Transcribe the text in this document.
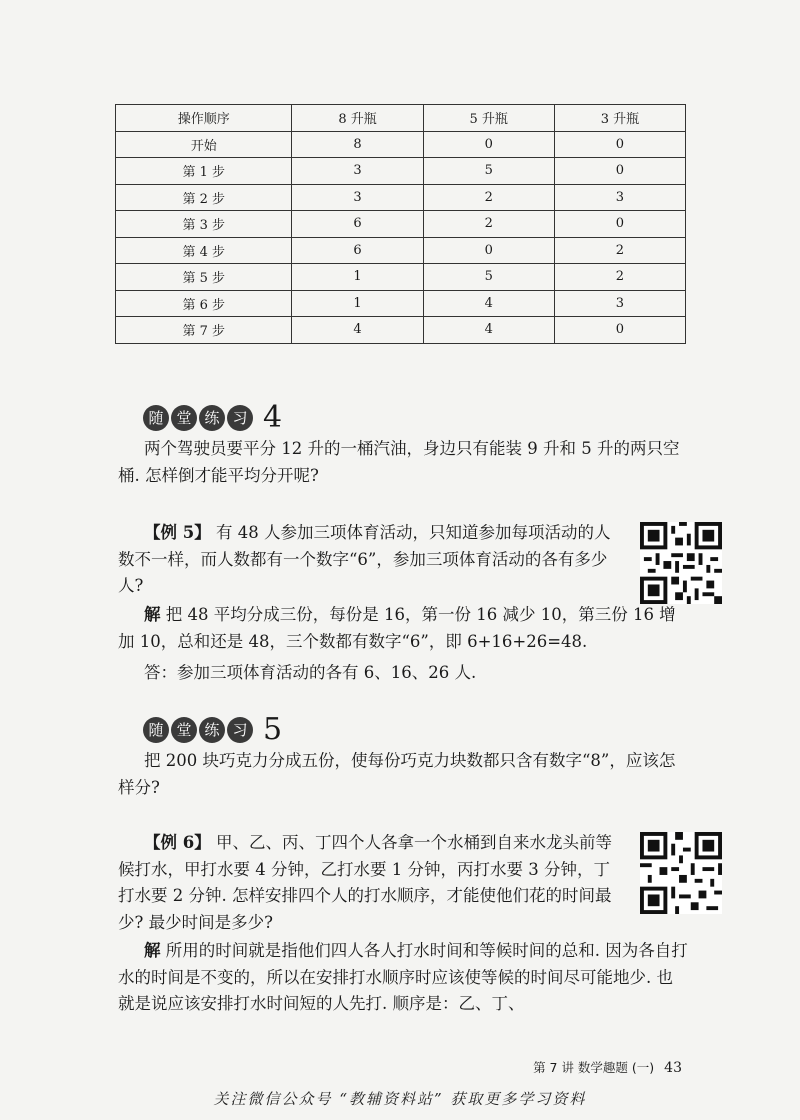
操作顺序	8 升瓶	5 升瓶	3 升瓶
开始	8	0	0
第 1 步	3	5	0
第 2 步	3	2	3
第 3 步	6	2	0
第 4 步	6	0	2
第 5 步	1	5	2
第 6 步	1	4	3
第 7 步	4	4	0
随 堂 练 习 4

两个驾驶员要平分 12 升的一桶汽油，身边只有能装 9 升和 5 升的两只空桶. 怎样倒才能平均分开呢?

【例 5】 有 48 人参加三项体育活动，只知道参加每项活动的人数不一样，而人数都有一个数字“6”，参加三项体育活动的各有多少人?

解 把 48 平均分成三份，每份是 16，第一份 16 减少 10，第三份 16 增加 10，总和还是 48，三个数都有数字“6”，即 6+16+26=48.

答：参加三项体育活动的各有 6、16、26 人.

随 堂 练 习 5

把 200 块巧克力分成五份，使每份巧克力块数都只含有数字“8”，应该怎样分?

【例 6】 甲、乙、丙、丁四个人各拿一个水桶到自来水龙头前等候打水，甲打水要 4 分钟，乙打水要 1 分钟，丙打水要 3 分钟，丁打水要 2 分钟. 怎样安排四个人的打水顺序，才能使他们花的时间最少? 最少时间是多少?

解 所用的时间就是指他们四人各人打水时间和等候时间的总和. 因为各自打水的时间是不变的，所以在安排打水顺序时应该使等候的时间尽可能地少. 也就是说应该安排打水时间短的人先打. 顺序是：乙、丁、

第 7 讲 数学趣题 (一) 43
关注微信公众号 “教辅资料站” 获取更多学习资料
